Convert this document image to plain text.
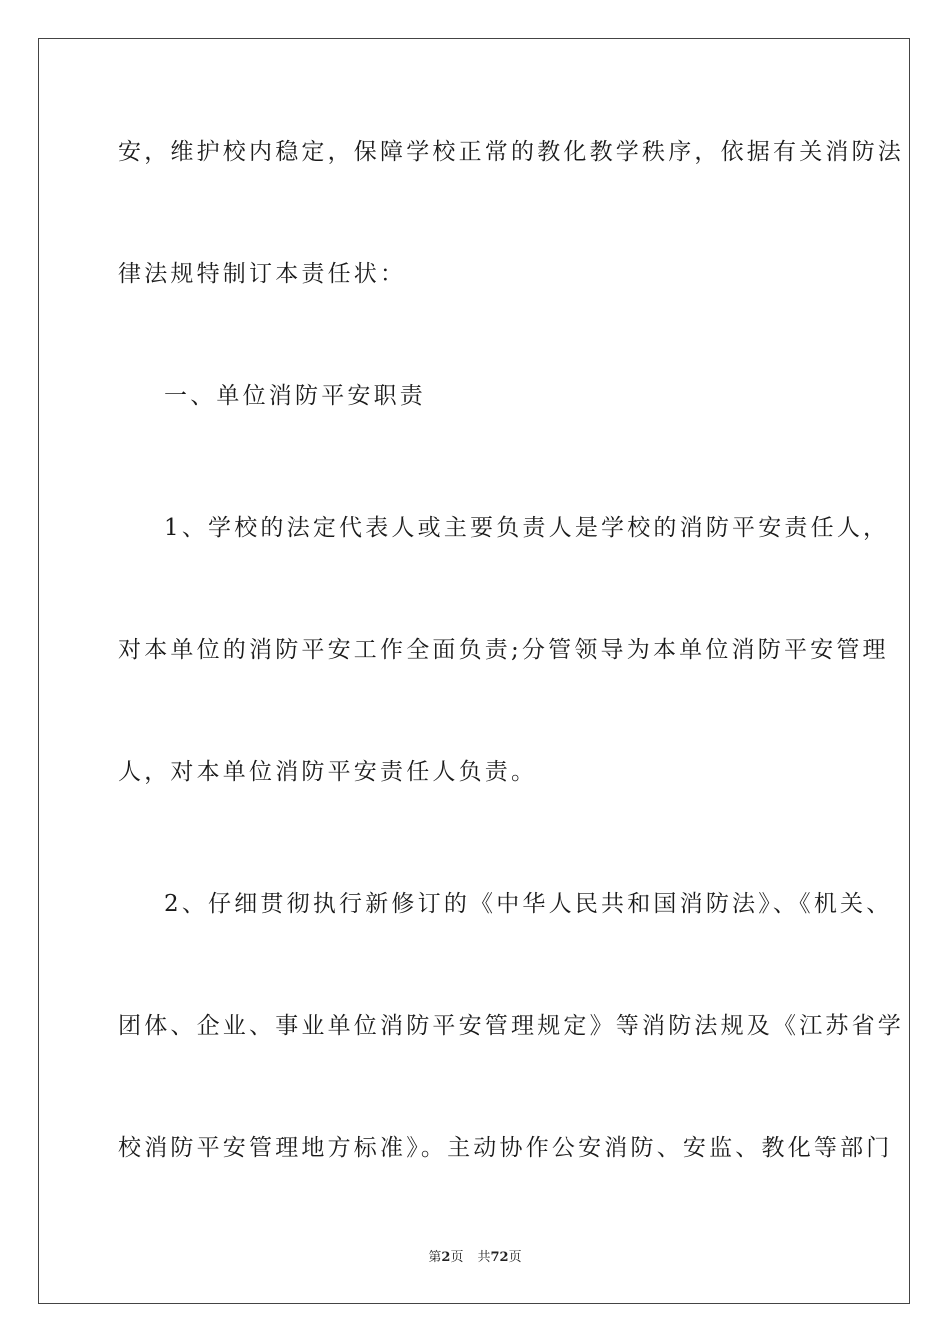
安，维护校内稳定，保障学校正常的教化教学秩序，依据有关消防法
律法规特制订本责任状：
一、单位消防平安职责
1、学校的法定代表人或主要负责人是学校的消防平安责任人，
对本单位的消防平安工作全面负责;分管领导为本单位消防平安管理
人，对本单位消防平安责任人负责。
2、仔细贯彻执行新修订的《中华人民共和国消防法》、《机关、
团体、企业、事业单位消防平安管理规定》等消防法规及《江苏省学
校消防平安管理地方标准》。主动协作公安消防、安监、教化等部门
第2页 共72页
